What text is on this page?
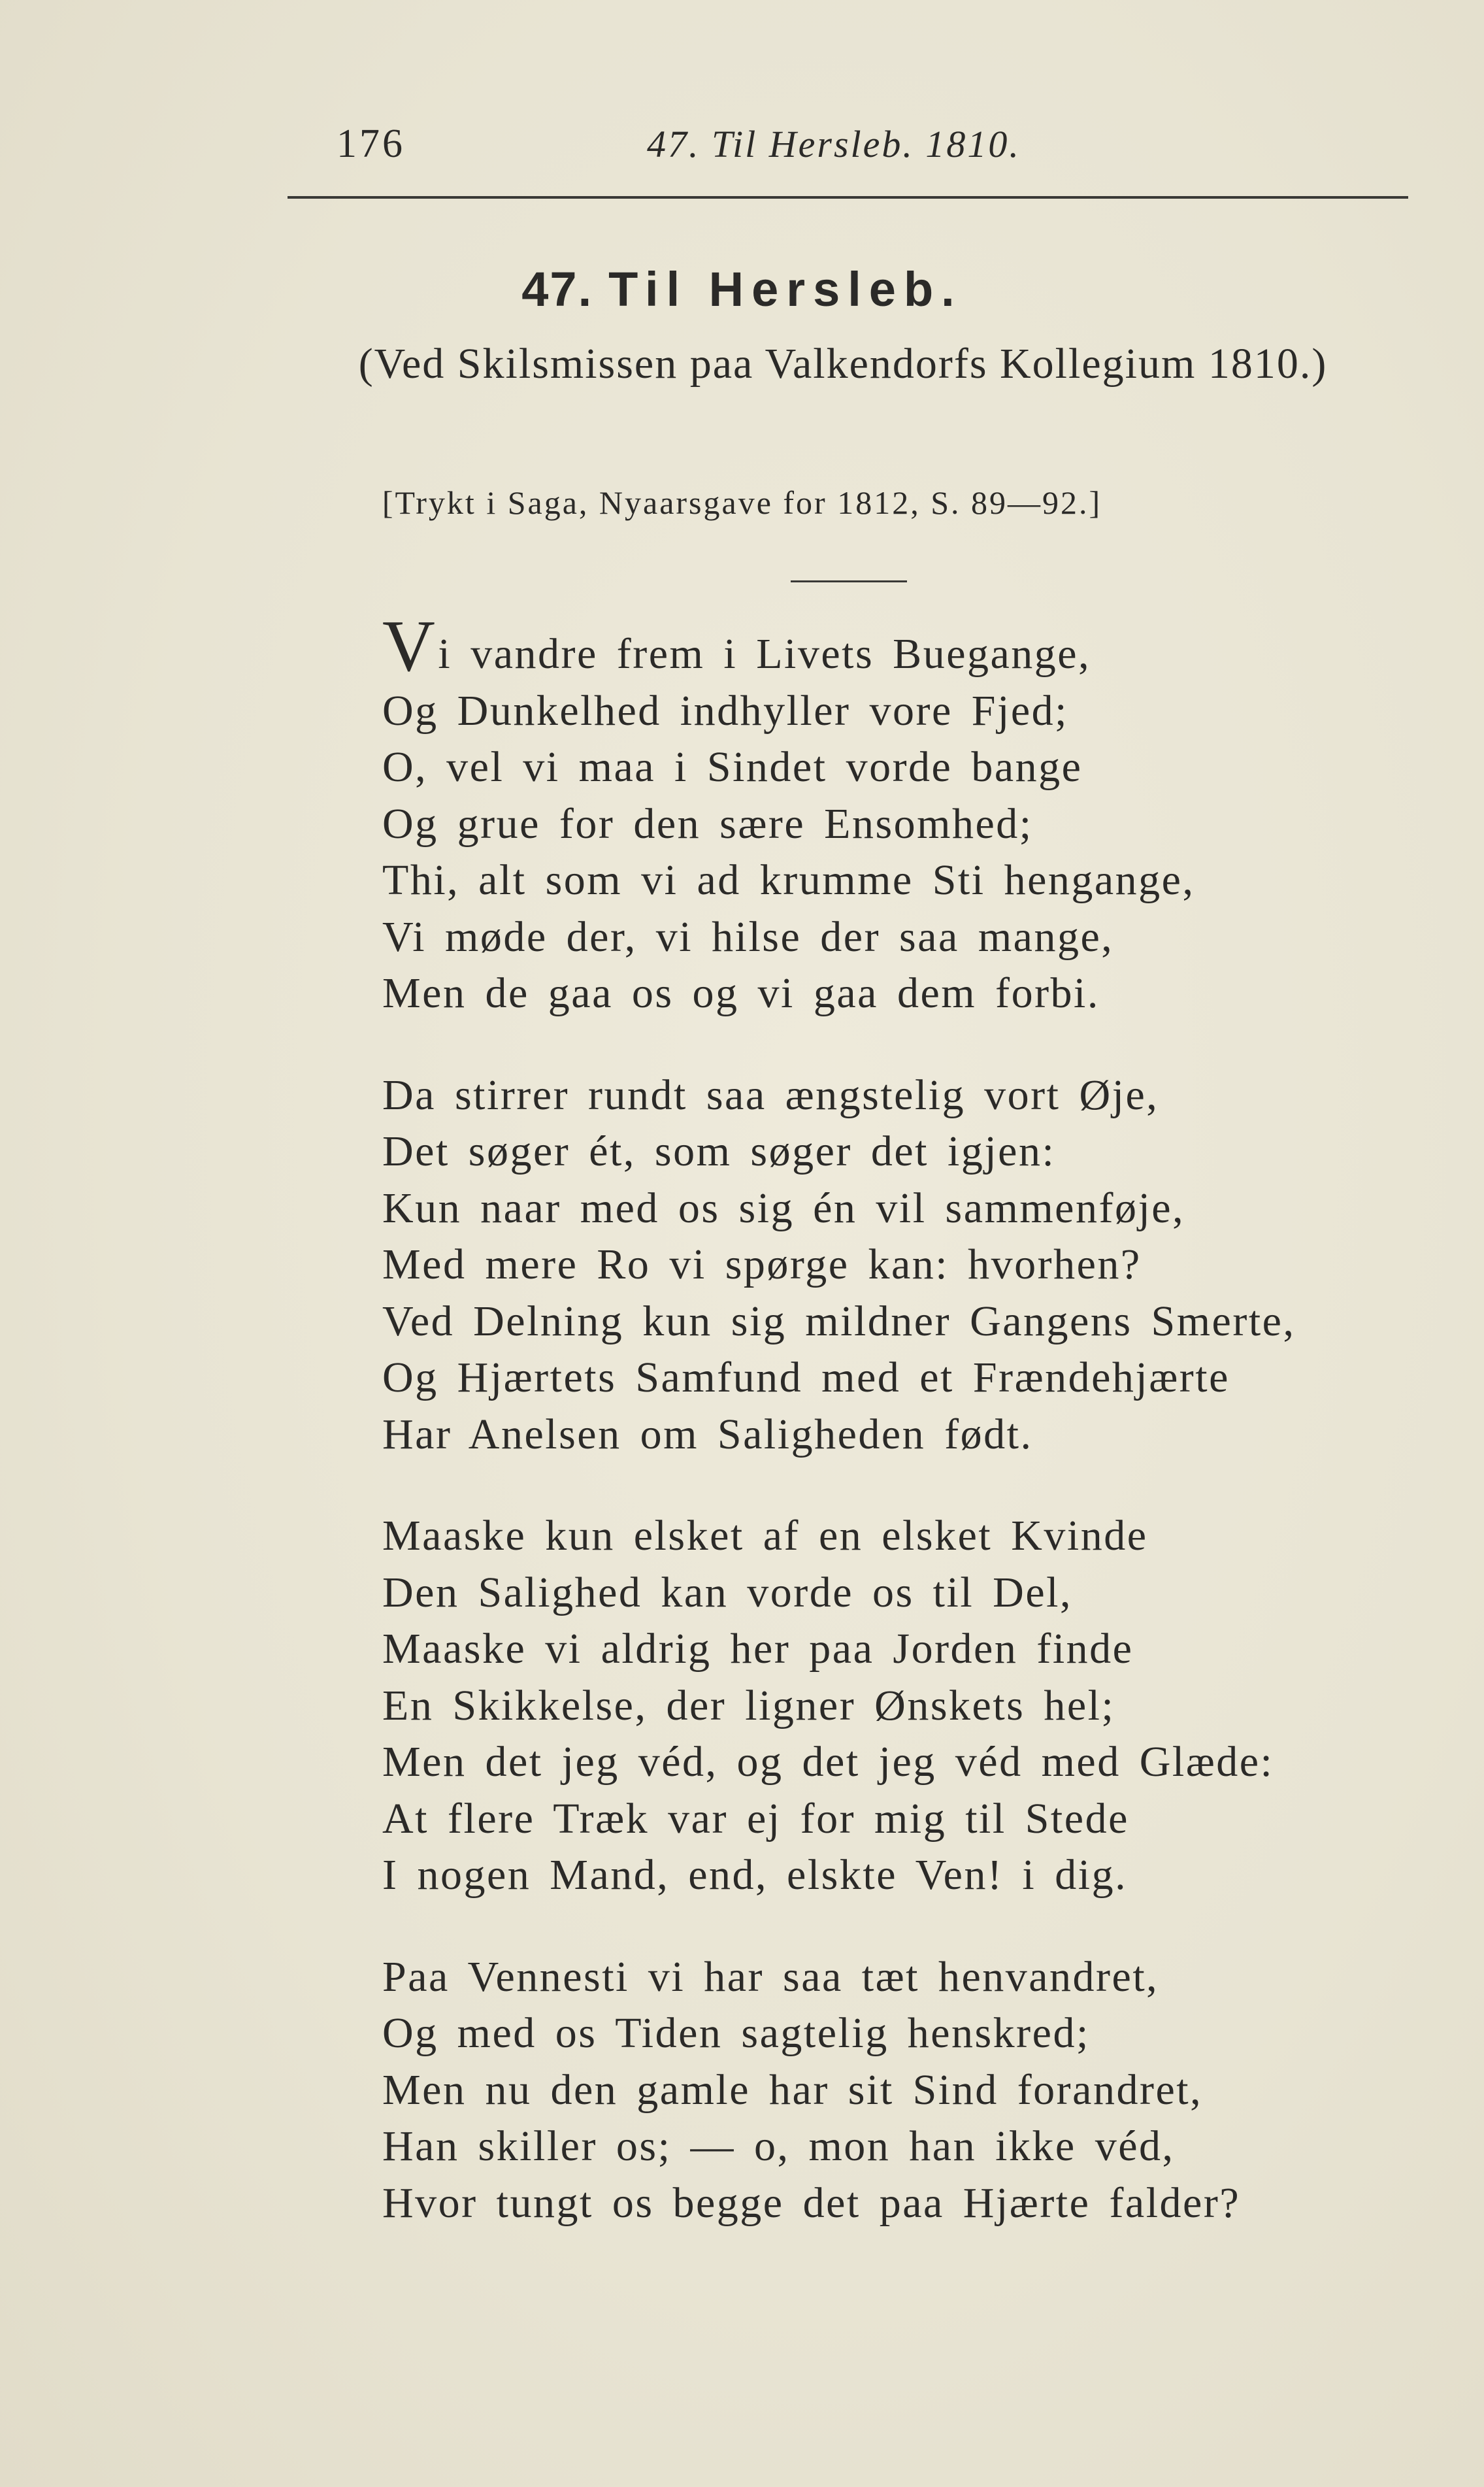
176	47. Til Hersleb. 1810.
47. Til Hersleb.
(Ved Skilsmissen paa Valkendorfs Kollegium 1810.)
[Trykt i Saga, Nyaarsgave for 1812, S. 89—92.]
Vi vandre frem i Livets Buegange,
Og Dunkelhed indhyller vore Fjed;
O, vel vi maa i Sindet vorde bange
Og grue for den sære Ensomhed;
Thi, alt som vi ad krumme Sti hengange,
Vi møde der, vi hilse der saa mange,
Men de gaa os og vi gaa dem forbi.
Da stirrer rundt saa ængstelig vort Øje,
Det søger ét, som søger det igjen:
Kun naar med os sig én vil sammenføje,
Med mere Ro vi spørge kan: hvorhen?
Ved Delning kun sig mildner Gangens Smerte,
Og Hjærtets Samfund med et Frændehjærte
Har Anelsen om Saligheden født.
Maaske kun elsket af en elsket Kvinde
Den Salighed kan vorde os til Del,
Maaske vi aldrig her paa Jorden finde
En Skikkelse, der ligner Ønskets hel;
Men det jeg véd, og det jeg véd med Glæde:
At flere Træk var ej for mig til Stede
I nogen Mand, end, elskte Ven! i dig.
Paa Vennesti vi har saa tæt henvandret,
Og med os Tiden sagtelig henskred;
Men nu den gamle har sit Sind forandret,
Han skiller os; — o, mon han ikke véd,
Hvor tungt os begge det paa Hjærte falder?
